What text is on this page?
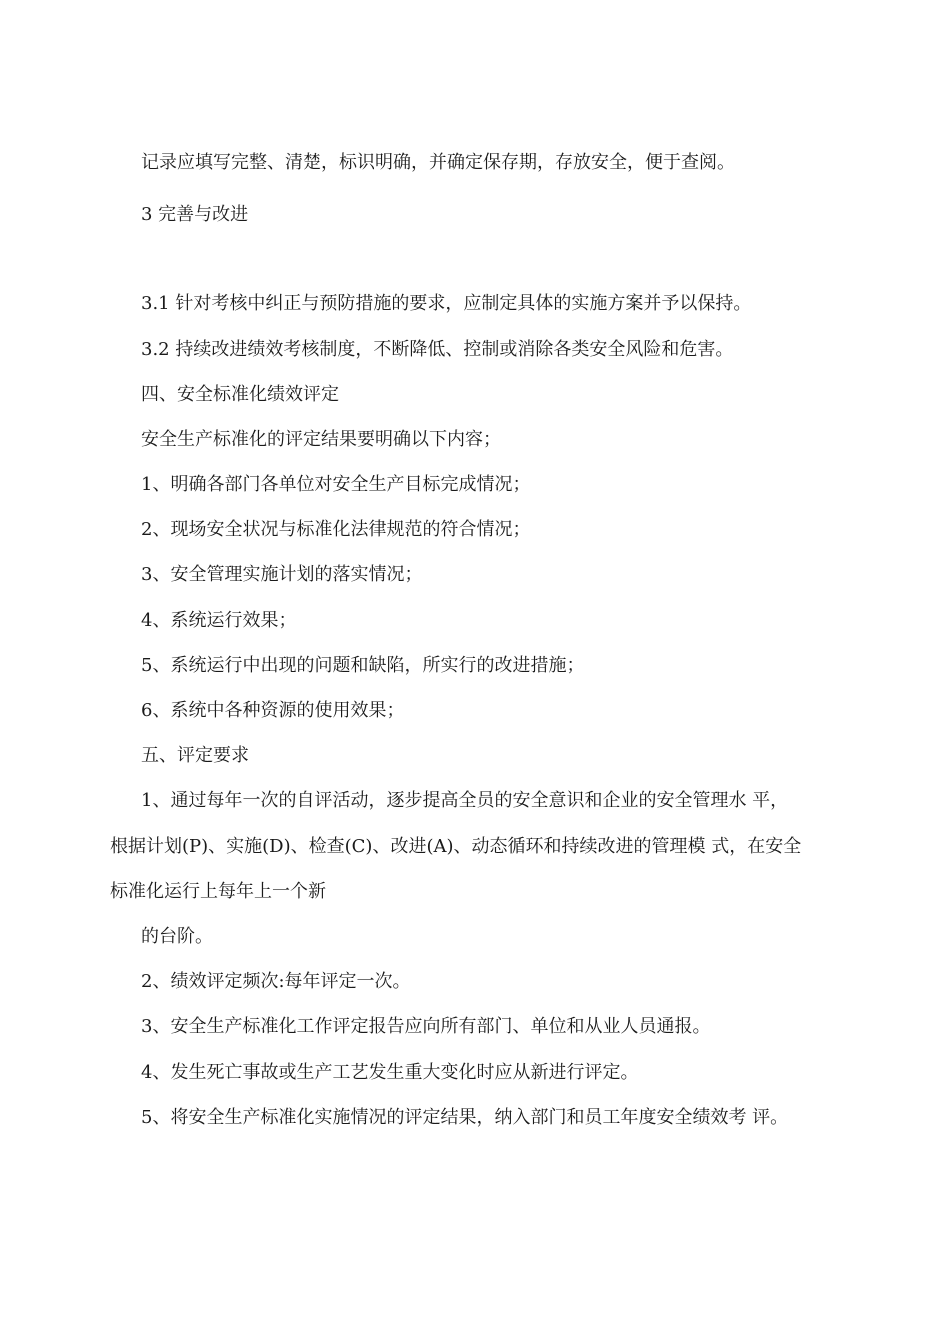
记录应填写完整、清楚，标识明确，并确定保存期，存放安全，便于查阅。
3 完善与改进
3.1 针对考核中纠正与预防措施的要求，应制定具体的实施方案并予以保持。
3.2 持续改进绩效考核制度，不断降低、控制或消除各类安全风险和危害。
四、安全标准化绩效评定
安全生产标准化的评定结果要明确以下内容；
1、明确各部门各单位对安全生产目标完成情况；
2、现场安全状况与标准化法律规范的符合情况；
3、安全管理实施计划的落实情况；
4、系统运行效果；
5、系统运行中出现的问题和缺陷，所实行的改进措施；
6、系统中各种资源的使用效果；
五、评定要求
1、通过每年一次的自评活动，逐步提高全员的安全意识和企业的安全管理水 平，
根据计划(P)、实施(D)、检查(C)、改进(A)、动态循环和持续改进的管理模 式，在安全
标准化运行上每年上一个新
的台阶。
2、绩效评定频次:每年评定一次。
3、安全生产标准化工作评定报告应向所有部门、单位和从业人员通报。
4、发生死亡事故或生产工艺发生重大变化时应从新进行评定。
5、将安全生产标准化实施情况的评定结果，纳入部门和员工年度安全绩效考 评。
